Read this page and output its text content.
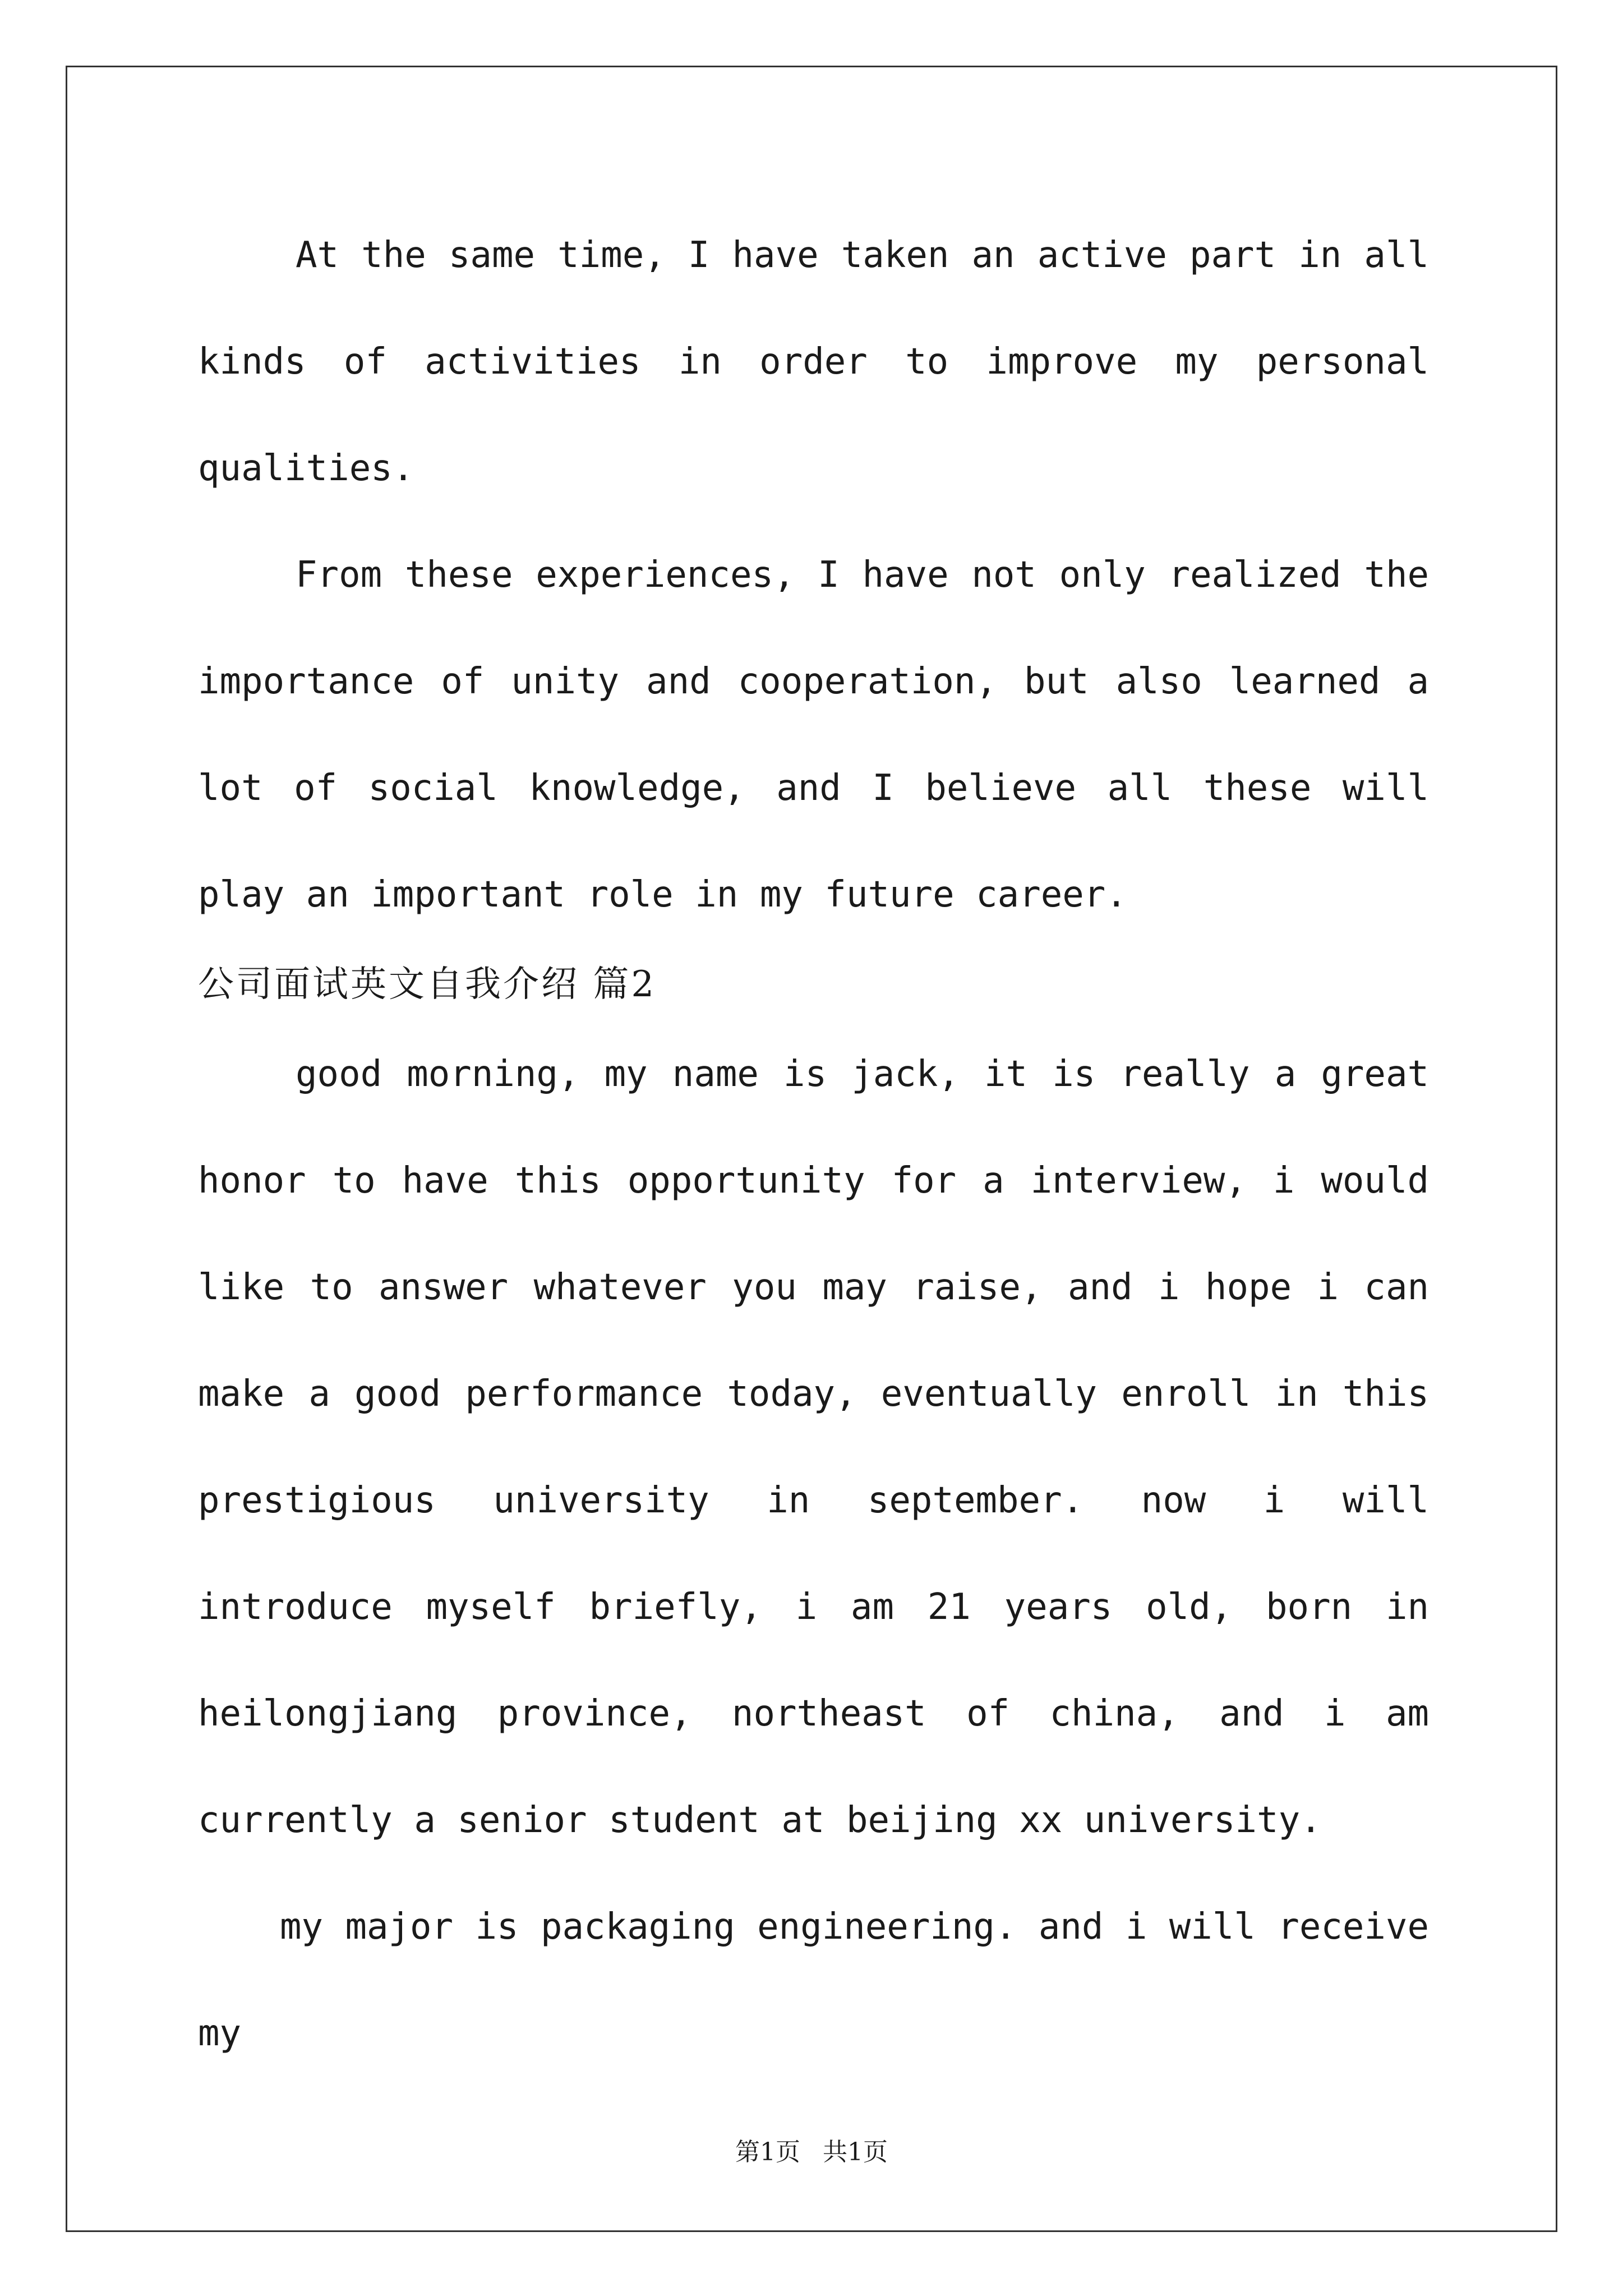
At the same time, I have taken an active part in all kinds of activities in order to improve my personal qualities.

From these experiences, I have not only realized the importance of unity and cooperation, but also learned a lot of social knowledge, and I believe all these will play an important role in my future career.

公司面试英文自我介绍 篇2

good morning, my name is jack, it is really a great honor to have this opportunity for a interview, i would like to answer whatever you may raise, and i hope i can make a good performance today, eventually enroll in this prestigious university in september. now i will introduce myself briefly, i am 21 years old, born in heilongjiang province, northeast of china, and i am currently a senior student at beijing xx university.

my major is packaging engineering. and i will receive my

第1页 共1页
